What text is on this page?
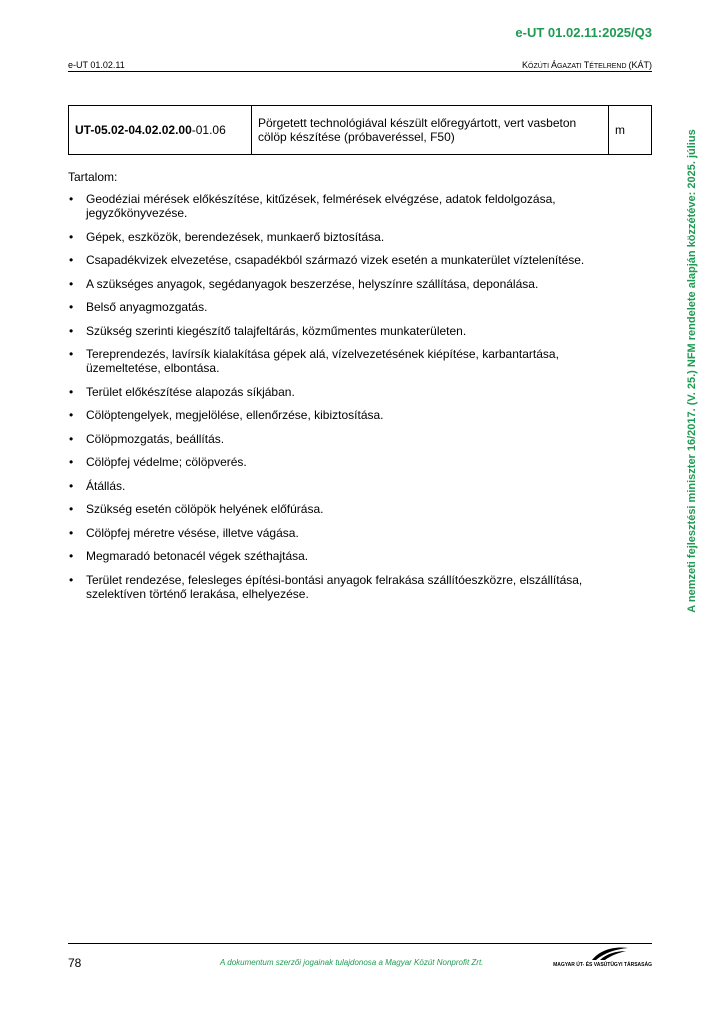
e-UT 01.02.11:2025/Q3
e-UT 01.02.11	KÖZÚTI ÁGAZATI TÉTELREND (KÁT)
A nemzeti fejlesztési miniszter 16/2017. (V. 25.) NFM rendelete alapján közzétéve: 2025. július
UT-05.02-04.02.02.00-01.06	Pörgetett technológiával készült előregyártott, vert vasbeton cölöp készítése (próbaveréssel, F50)	m
Tartalom:
• Geodéziai mérések előkészítése, kitűzések, felmérések elvégzése, adatok feldolgozása, jegyzőkönyvezése.
• Gépek, eszközök, berendezések, munkaerő biztosítása.
• Csapadékvizek elvezetése, csapadékból származó vizek esetén a munkaterület víztelenítése.
• A szükséges anyagok, segédanyagok beszerzése, helyszínre szállítása, deponálása.
• Belső anyagmozgatás.
• Szükség szerinti kiegészítő talajfeltárás, közműmentes munkaterületen.
• Tereprendezés, lavírsík kialakítása gépek alá, vízelvezetésének kiépítése, karbantartása, üzemeltetése, elbontása.
• Terület előkészítése alapozás síkjában.
• Cölöptengelyek, megjelölése, ellenőrzése, kibiztosítása.
• Cölöpmozgatás, beállítás.
• Cölöpfej védelme; cölöpverés.
• Átállás.
• Szükség esetén cölöpök helyének előfúrása.
• Cölöpfej méretre vésése, illetve vágása.
• Megmaradó betonacél végek széthajtása.
• Terület rendezése, felesleges építési-bontási anyagok felrakása szállítóeszközre, elszállítása, szelektíven történő lerakása, elhelyezése.
78	A dokumentum szerzői jogainak tulajdonosa a Magyar Közút Nonprofit Zrt.	MAGYAR ÚT- ÉS VASÚTÜGYI TÁRSASÁG
